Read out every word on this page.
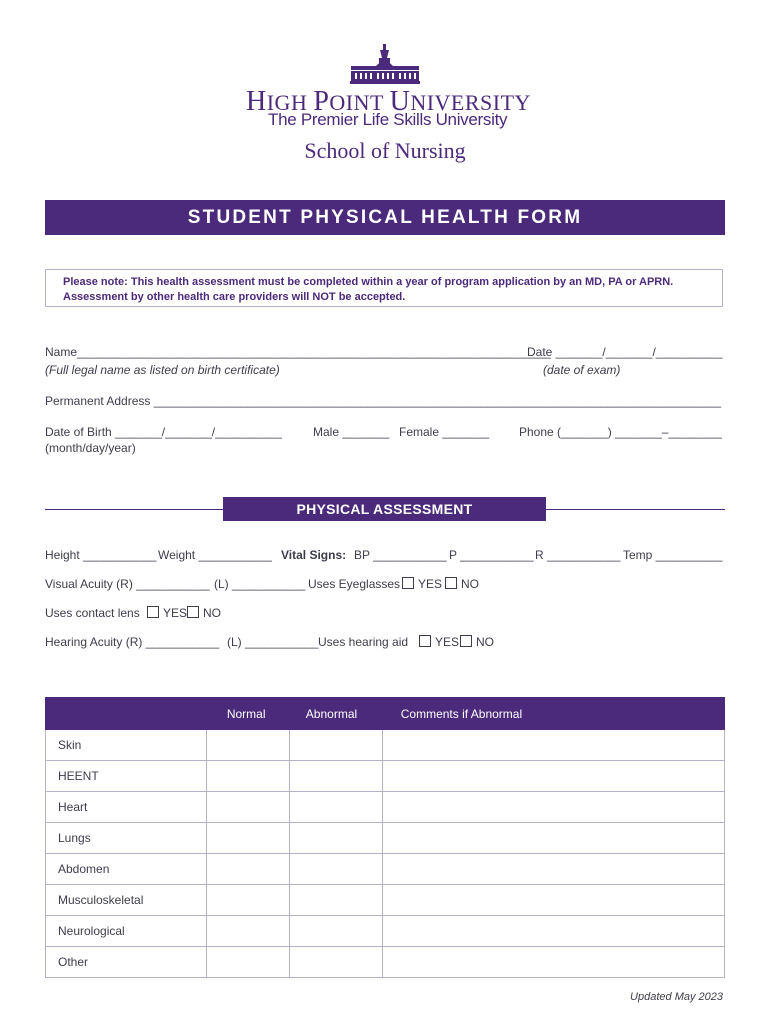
HIGH POINT UNIVERSITY
The Premier Life Skills University
School of Nursing
STUDENT PHYSICAL HEALTH FORM
Please note: This health assessment must be completed within a year of program application by an MD, PA or APRN.
Assessment by other health care providers will NOT be accepted.
Name_______________________________________________________________________
(Full legal name as listed on birth certificate)
Date _______/_______/__________
(date of exam)
Permanent Address _____________________________________________________________________________________
Date of Birth _______/_______/__________
(month/day/year)
Male _______ Female _______ Phone (_______) _______–________
PHYSICAL ASSESSMENT
Height ___________ Weight ___________ Vital Signs: BP ___________ P ___________ R ___________ Temp __________
Visual Acuity (R) ___________ (L) ___________ Uses Eyeglasses	YES	NO
Uses contact lens	YES	NO
Hearing Acuity (R) ___________ (L) ___________ Uses hearing aid	YES	NO
	Normal	Abnormal	Comments if Abnormal
Skin			
HEENT			
Heart			
Lungs			
Abdomen			
Musculoskeletal			
Neurological			
Other			
Updated May 2023
